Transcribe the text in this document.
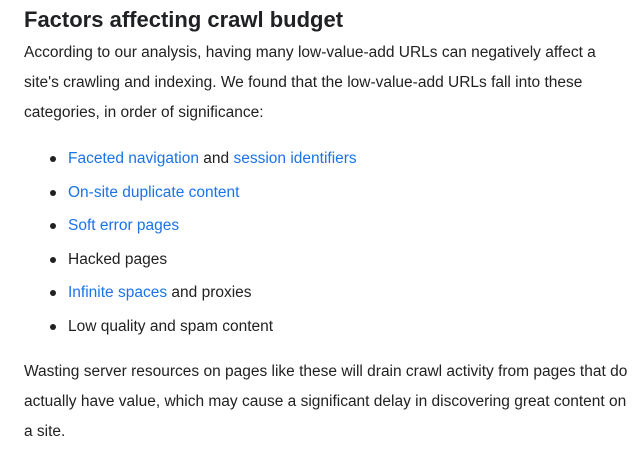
Factors affecting crawl budget

According to our analysis, having many low-value-add URLs can negatively affect a site's crawling and indexing. We found that the low-value-add URLs fall into these categories, in order of significance:

Faceted navigation and session identifiers
On-site duplicate content
Soft error pages
Hacked pages
Infinite spaces and proxies
Low quality and spam content

Wasting server resources on pages like these will drain crawl activity from pages that do actually have value, which may cause a significant delay in discovering great content on a site.
